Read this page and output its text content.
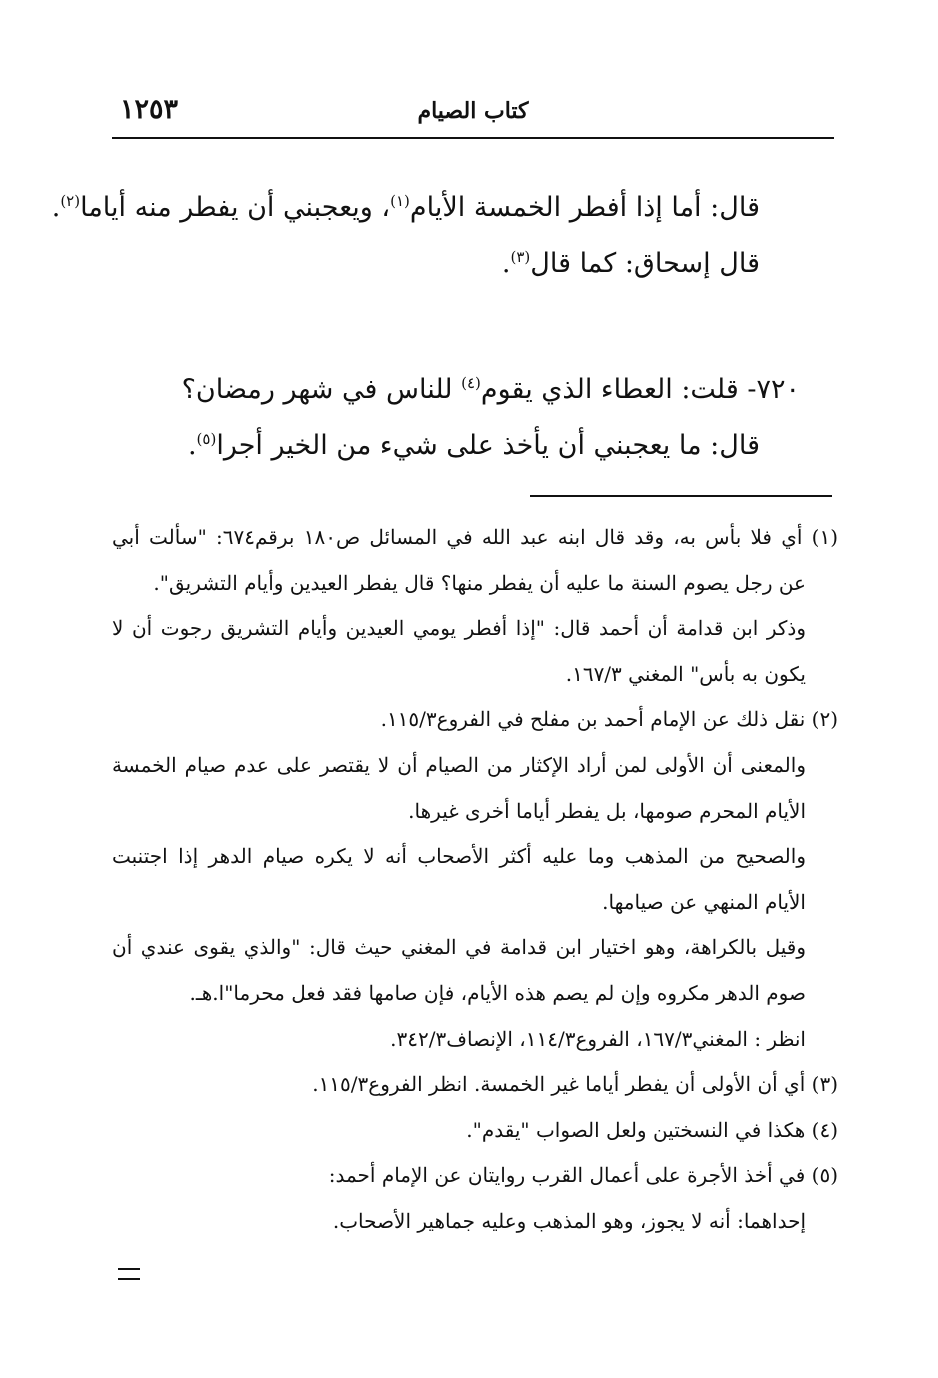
١٢٥٣	كتاب الصيام
قال: أما إذا أفطر الخمسة الأيام$^{(١)}$، ويعجبني أن يفطر منه أياما$^{(٢)}$.
قال إسحاق: كما قال$^{(٣)}$.
٧٢٠- قلت: العطاء الذي يقوم$^{(٤)}$ للناس في شهر رمضان؟
قال: ما يعجبني أن يأخذ على شيء من الخير أجرا$^{(٥)}$.
(١) أي فلا بأس به، وقد قال ابنه عبد الله في المسائل ص١٨٠ برقم٦٧٤: "سألت أبي
عن رجل يصوم السنة ما عليه أن يفطر منها؟ قال يفطر العيدين وأيام التشريق".
وذكر ابن قدامة أن أحمد قال: "إذا أفطر يومي العيدين وأيام التشريق رجوت أن لا
يكون به بأس" المغني ١٦٧/٣.
(٢) نقل ذلك عن الإمام أحمد بن مفلح في الفروع١١٥/٣.
والمعنى أن الأولى لمن أراد الإكثار من الصيام أن لا يقتصر على عدم صيام الخمسة
الأيام المحرم صومها، بل يفطر أياما أخرى غيرها.
والصحيح من المذهب وما عليه أكثر الأصحاب أنه لا يكره صيام الدهر إذا اجتنبت
الأيام المنهي عن صيامها.
وقيل بالكراهة، وهو اختيار ابن قدامة في المغني حيث قال: "والذي يقوى عندي أن
صوم الدهر مكروه وإن لم يصم هذه الأيام، فإن صامها فقد فعل محرما"ا.هـ.
انظر : المغني١٦٧/٣، الفروع١١٤/٣، الإنصاف٣٤٢/٣.
(٣) أي أن الأولى أن يفطر أياما غير الخمسة. انظر الفروع١١٥/٣.
(٤) هكذا في النسختين ولعل الصواب "يقدم".
(٥) في أخذ الأجرة على أعمال القرب روايتان عن الإمام أحمد:
إحداهما: أنه لا يجوز، وهو المذهب وعليه جماهير الأصحاب.
